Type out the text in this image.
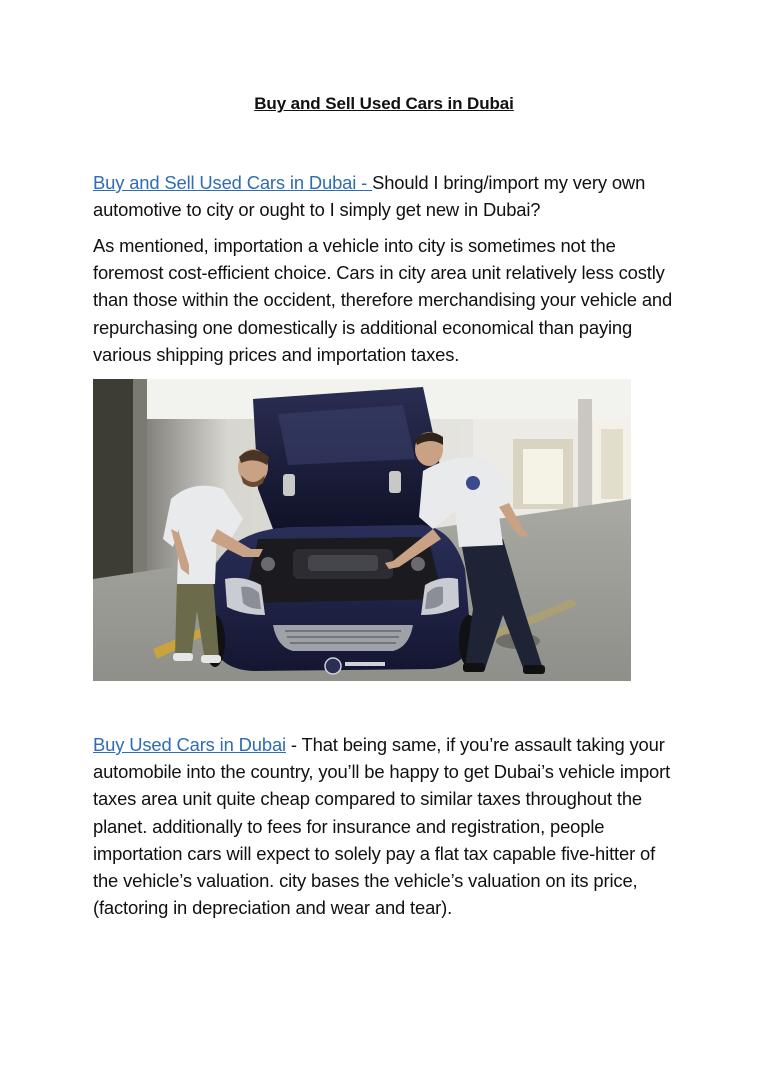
Buy and Sell Used Cars in Dubai

Buy and Sell Used Cars in Dubai - Should I bring/import my very own automotive to city or ought to I simply get new in Dubai?

As mentioned, importation a vehicle into city is sometimes not the foremost cost-efficient choice. Cars in city area unit relatively less costly than those within the occident, therefore merchandising your vehicle and repurchasing one domestically is additional economical than paying various shipping prices and importation taxes.

Buy Used Cars in Dubai - That being same, if you’re assault taking your automobile into the country, you’ll be happy to get Dubai’s vehicle import taxes area unit quite cheap compared to similar taxes throughout the planet. additionally to fees for insurance and registration, people importation cars will expect to solely pay a flat tax capable five-hitter of the vehicle’s valuation. city bases the vehicle’s valuation on its price, (factoring in depreciation and wear and tear).
